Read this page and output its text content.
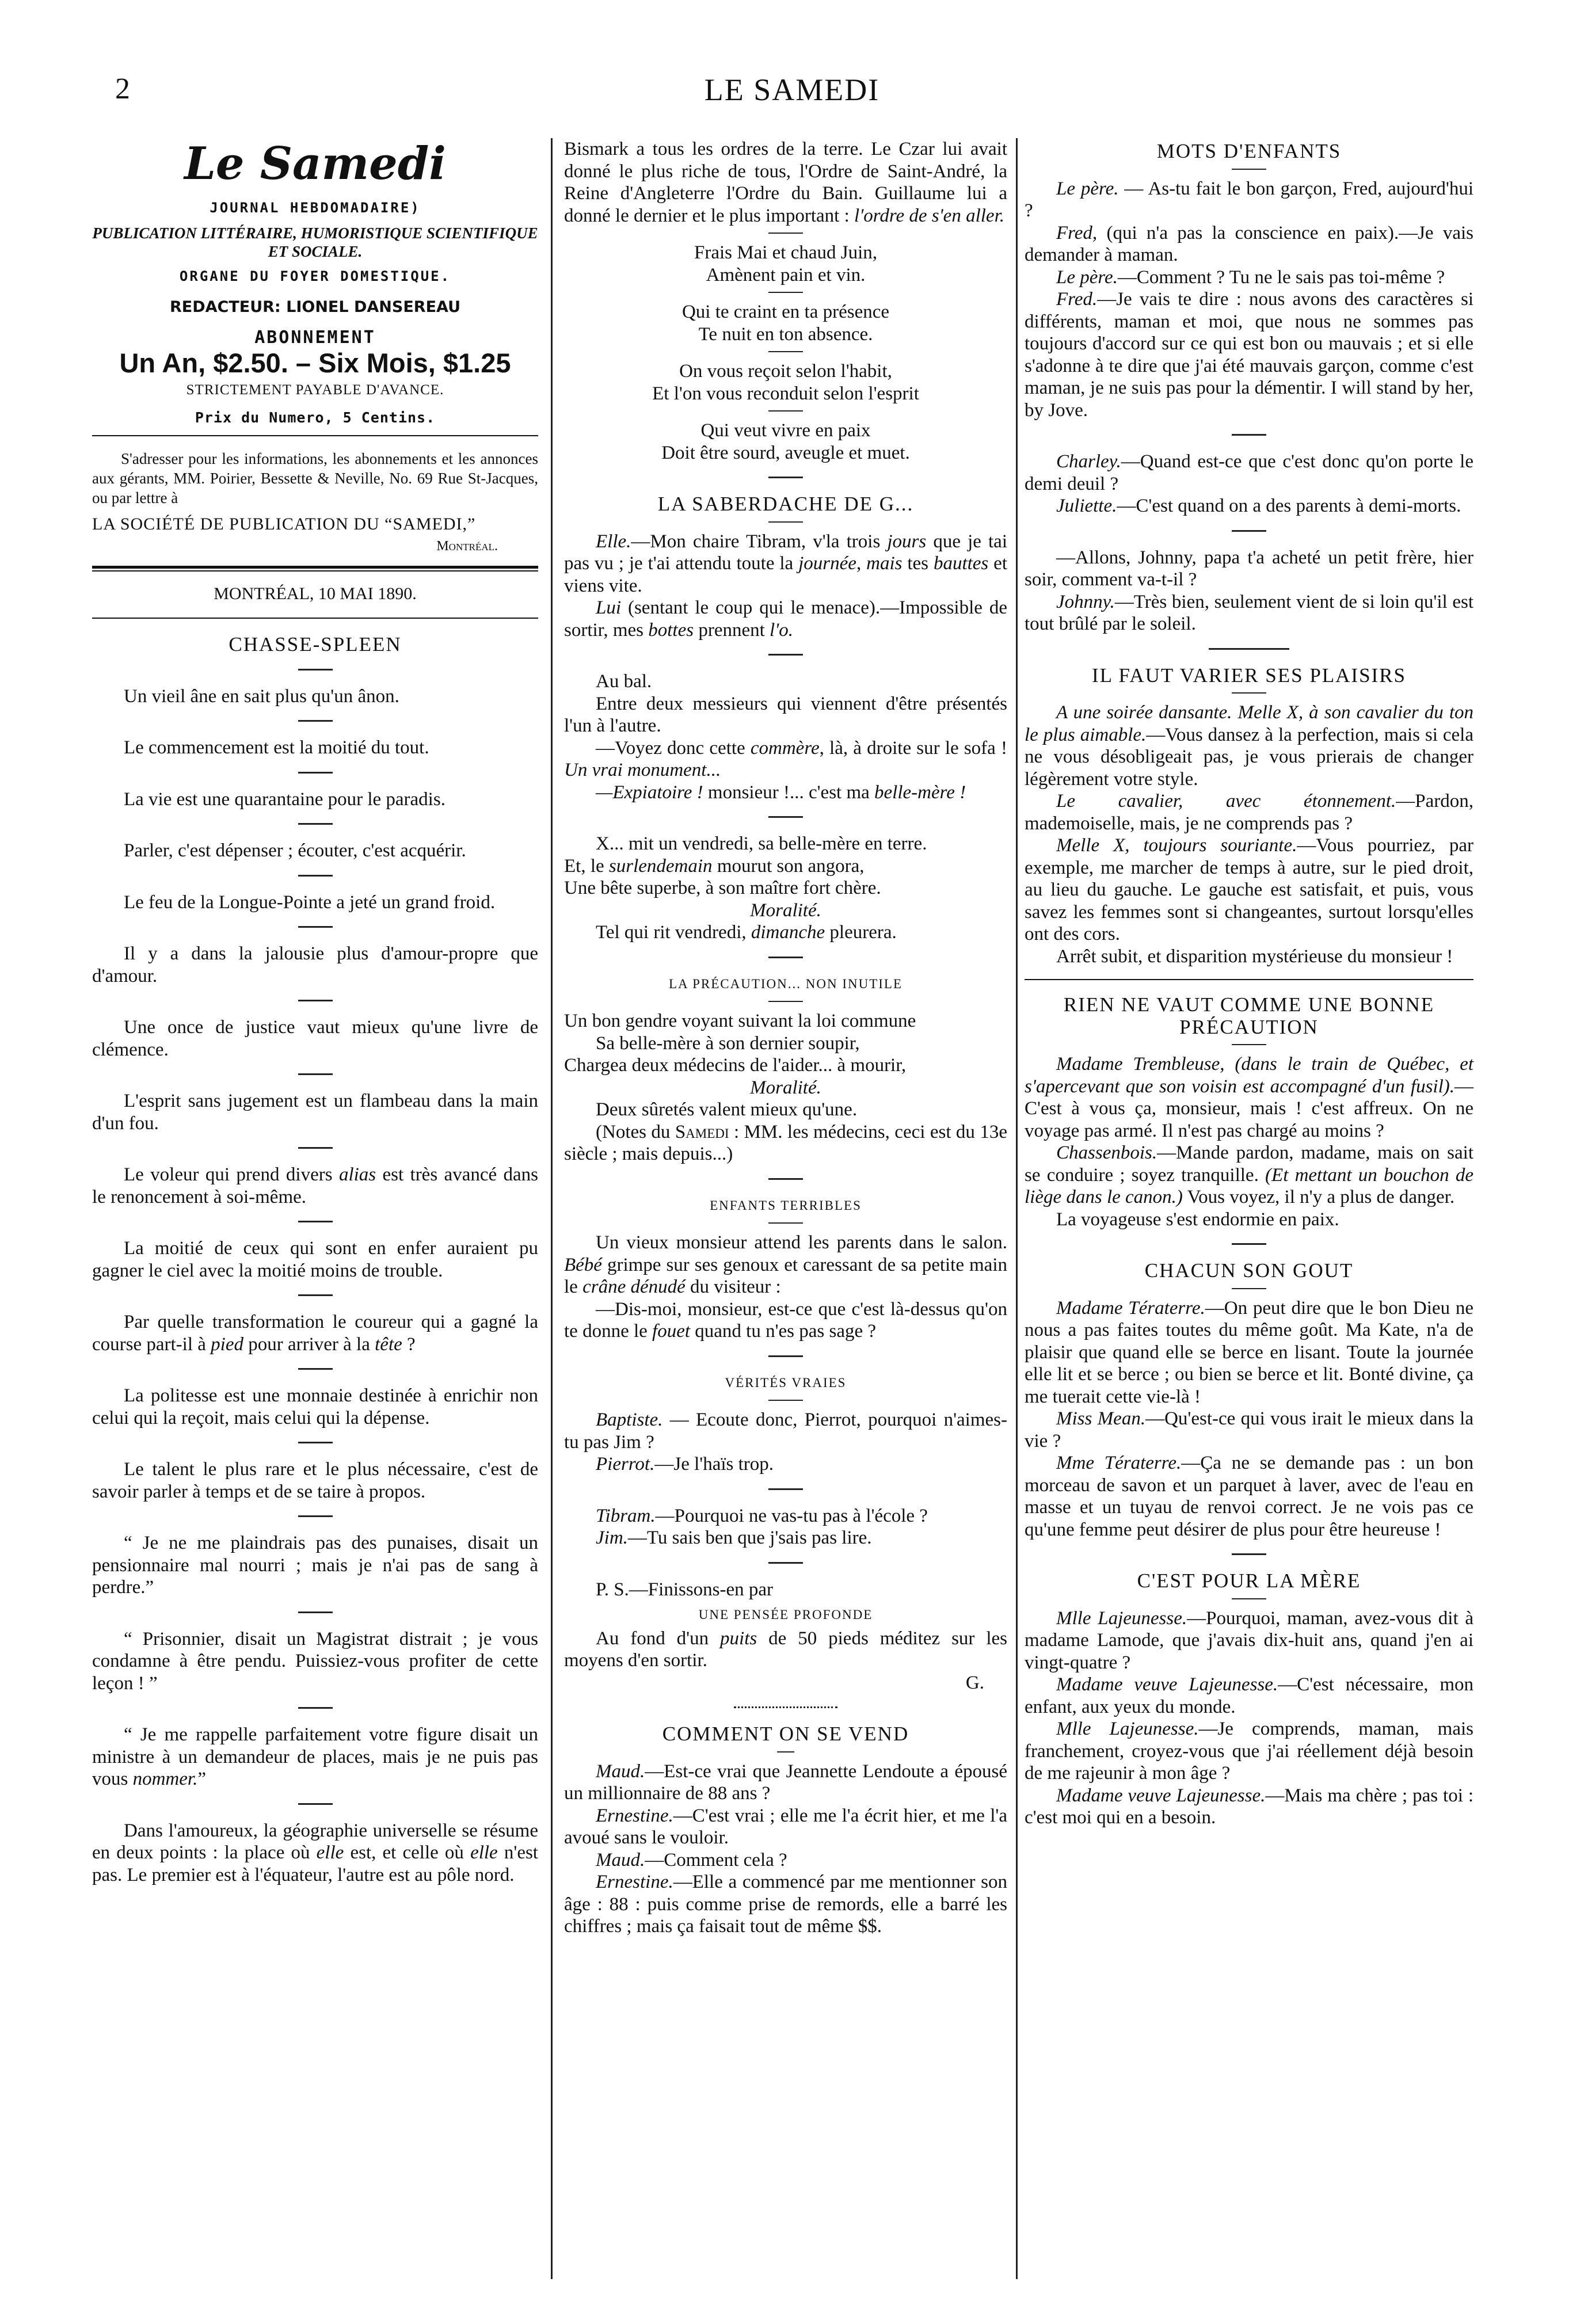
2	LE SAMEDI
Le Samedi
JOURNAL HEBDOMADAIRE)
PUBLICATION LITTÉRAIRE, HUMORISTIQUE SCIENTIFIQUE ET SOCIALE.
ORGANE DU FOYER DOMESTIQUE.
REDACTEUR: LIONEL DANSEREAU
ABONNEMENT
Un An, $2.50. – Six Mois, $1.25
STRICTEMENT PAYABLE D'AVANCE.
Prix du Numero, 5 Centins.

S'adresser pour les informations, les abonnements et les annonces aux gérants, MM. Poirier, Bessette & Neville, No. 69 Rue St-Jacques, ou par lettre à

LA SOCIÉTÉ DE PUBLICATION DU “SAMEDI,”

Montréal.

MONTRÉAL, 10 MAI 1890.

CHASSE-SPLEEN

Un vieil âne en sait plus qu'un ânon.

Le commencement est la moitié du tout.

La vie est une quarantaine pour le paradis.

Parler, c'est dépenser ; écouter, c'est acquérir.

Le feu de la Longue-Pointe a jeté un grand froid.

Il y a dans la jalousie plus d'amour-propre que d'amour.

Une once de justice vaut mieux qu'une livre de clémence.

L'esprit sans jugement est un flambeau dans la main d'un fou.

Le voleur qui prend divers alias est très avancé dans le renoncement à soi-même.

La moitié de ceux qui sont en enfer auraient pu gagner le ciel avec la moitié moins de trouble.

Par quelle transformation le coureur qui a gagné la course part-il à pied pour arriver à la tête ?

La politesse est une monnaie destinée à enrichir non celui qui la reçoit, mais celui qui la dépense.

Le talent le plus rare et le plus nécessaire, c'est de savoir parler à temps et de se taire à propos.

“ Je ne me plaindrais pas des punaises, disait un pensionnaire mal nourri ; mais je n'ai pas de sang à perdre.”

“ Prisonnier, disait un Magistrat distrait ; je vous condamne à être pendu. Puissiez-vous profiter de cette leçon ! ”

“ Je me rappelle parfaitement votre figure disait un ministre à un demandeur de places, mais je ne puis pas vous nommer.”

Dans l'amoureux, la géographie universelle se résume en deux points : la place où elle est, et celle où elle n'est pas. Le premier est à l'équateur, l'autre est au pôle nord.

Bismark a tous les ordres de la terre. Le Czar lui avait donné le plus riche de tous, l'Ordre de Saint-André, la Reine d'Angleterre l'Ordre du Bain. Guillaume lui a donné le dernier et le plus important : l'ordre de s'en aller.

Frais Mai et chaud Juin,

Amènent pain et vin.

Qui te craint en ta présence

Te nuit en ton absence.

On vous reçoit selon l'habit,

Et l'on vous reconduit selon l'esprit

Qui veut vivre en paix

Doit être sourd, aveugle et muet.

LA SABERDACHE DE G...

Elle.—Mon chaire Tibram, v'la trois jours que je tai pas vu ; je t'ai attendu toute la journée, mais tes bauttes et viens vite.

Lui (sentant le coup qui le menace).—Impossible de sortir, mes bottes prennent l'o.

Au bal.

Entre deux messieurs qui viennent d'être présentés l'un à l'autre.

—Voyez donc cette commère, là, à droite sur le sofa ! Un vrai monument...

—Expiatoire ! monsieur !... c'est ma belle-mère !

X... mit un vendredi, sa belle-mère en terre.

Et, le surlendemain mourut son angora,

Une bête superbe, à son maître fort chère.

Moralité.

Tel qui rit vendredi, dimanche pleurera.

LA PRÉCAUTION... NON INUTILE

Un bon gendre voyant suivant la loi commune

Sa belle-mère à son dernier soupir,

Chargea deux médecins de l'aider... à mourir,

Moralité.

Deux sûretés valent mieux qu'une.

(Notes du Samedi : MM. les médecins, ceci est du 13e siècle ; mais depuis...)

ENFANTS TERRIBLES

Un vieux monsieur attend les parents dans le salon. Bébé grimpe sur ses genoux et caressant de sa petite main le crâne dénudé du visiteur :

—Dis-moi, monsieur, est-ce que c'est là-dessus qu'on te donne le fouet quand tu n'es pas sage ?

VÉRITÉS VRAIES

Baptiste. — Ecoute donc, Pierrot, pourquoi n'aimes-tu pas Jim ?

Pierrot.—Je l'haïs trop.

Tibram.—Pourquoi ne vas-tu pas à l'école ?

Jim.—Tu sais ben que j'sais pas lire.

P. S.—Finissons-en par

UNE PENSÉE PROFONDE

Au fond d'un puits de 50 pieds méditez sur les moyens d'en sortir.

G.

COMMENT ON SE VEND

Maud.—Est-ce vrai que Jeannette Lendoute a épousé un millionnaire de 88 ans ?

Ernestine.—C'est vrai ; elle me l'a écrit hier, et me l'a avoué sans le vouloir.

Maud.—Comment cela ?

Ernestine.—Elle a commencé par me mentionner son âge : 88 : puis comme prise de remords, elle a barré les chiffres ; mais ça faisait tout de même $$.

MOTS D'ENFANTS

Le père. — As-tu fait le bon garçon, Fred, aujourd'hui ?

Fred, (qui n'a pas la conscience en paix).—Je vais demander à maman.

Le père.—Comment ? Tu ne le sais pas toi-même ?

Fred.—Je vais te dire : nous avons des caractères si différents, maman et moi, que nous ne sommes pas toujours d'accord sur ce qui est bon ou mauvais ; et si elle s'adonne à te dire que j'ai été mauvais garçon, comme c'est maman, je ne suis pas pour la démentir. I will stand by her, by Jove.

Charley.—Quand est-ce que c'est donc qu'on porte le demi deuil ?

Juliette.—C'est quand on a des parents à demi-morts.

—Allons, Johnny, papa t'a acheté un petit frère, hier soir, comment va-t-il ?

Johnny.—Très bien, seulement vient de si loin qu'il est tout brûlé par le soleil.

IL FAUT VARIER SES PLAISIRS

A une soirée dansante. Melle X, à son cavalier du ton le plus aimable.—Vous dansez à la perfection, mais si cela ne vous désobligeait pas, je vous prierais de changer légèrement votre style.

Le cavalier, avec étonnement.—Pardon, mademoiselle, mais, je ne comprends pas ?

Melle X, toujours souriante.—Vous pourriez, par exemple, me marcher de temps à autre, sur le pied droit, au lieu du gauche. Le gauche est satisfait, et puis, vous savez les femmes sont si changeantes, surtout lorsqu'elles ont des cors.

Arrêt subit, et disparition mystérieuse du monsieur !

RIEN NE VAUT COMME UNE BONNE PRÉCAUTION

Madame Trembleuse, (dans le train de Québec, et s'apercevant que son voisin est accompagné d'un fusil).—C'est à vous ça, monsieur, mais ! c'est affreux. On ne voyage pas armé. Il n'est pas chargé au moins ?

Chassenbois.—Mande pardon, madame, mais on sait se conduire ; soyez tranquille. (Et mettant un bouchon de liège dans le canon.) Vous voyez, il n'y a plus de danger.

La voyageuse s'est endormie en paix.

CHACUN SON GOUT

Madame Tératerre.—On peut dire que le bon Dieu ne nous a pas faites toutes du même goût. Ma Kate, n'a de plaisir que quand elle se berce en lisant. Toute la journée elle lit et se berce ; ou bien se berce et lit. Bonté divine, ça me tuerait cette vie-là !

Miss Mean.—Qu'est-ce qui vous irait le mieux dans la vie ?

Mme Tératerre.—Ça ne se demande pas : un bon morceau de savon et un parquet à laver, avec de l'eau en masse et un tuyau de renvoi correct. Je ne vois pas ce qu'une femme peut désirer de plus pour être heureuse !

C'EST POUR LA MÈRE

Mlle Lajeunesse.—Pourquoi, maman, avez-vous dit à madame Lamode, que j'avais dix-huit ans, quand j'en ai vingt-quatre ?

Madame veuve Lajeunesse.—C'est nécessaire, mon enfant, aux yeux du monde.

Mlle Lajeunesse.—Je comprends, maman, mais franchement, croyez-vous que j'ai réellement déjà besoin de me rajeunir à mon âge ?

Madame veuve Lajeunesse.—Mais ma chère ; pas toi : c'est moi qui en a besoin.
